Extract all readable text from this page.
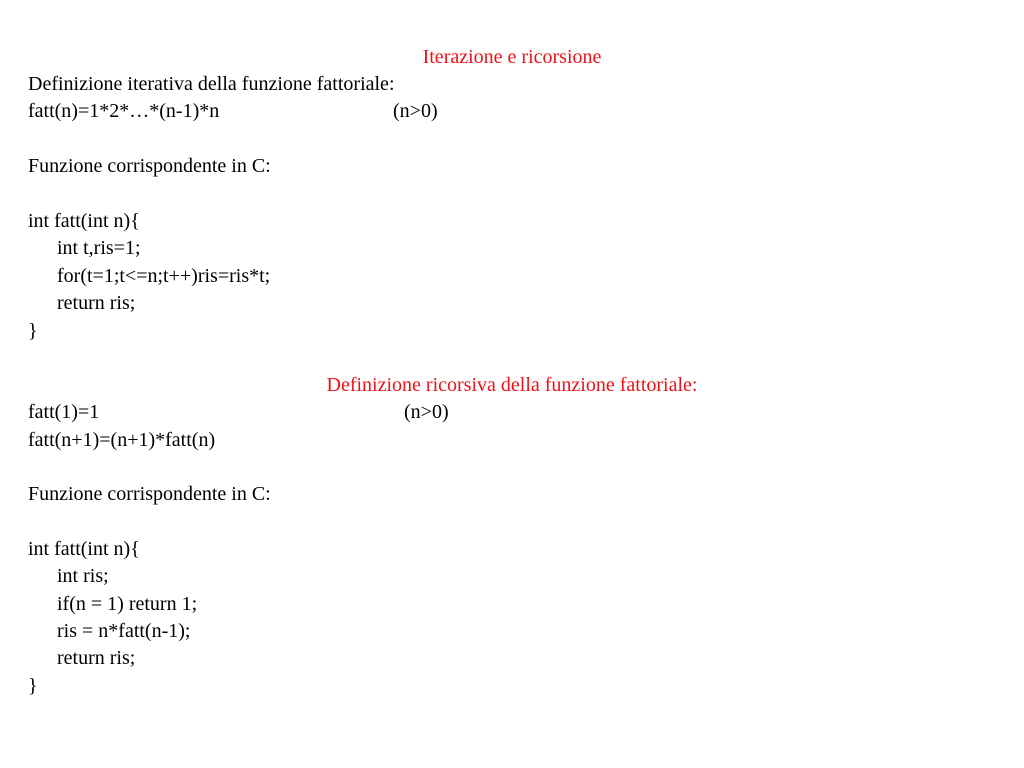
Iterazione e ricorsione
Definizione iterativa della funzione fattoriale:
fatt(n)=1*2*…*(n-1)*n	(n>0)
Funzione corrispondente in C:
int fatt(int n){
int t,ris=1;
for(t=1;t<=n;t++)ris=ris*t;
return ris;
}
Definizione ricorsiva della funzione fattoriale:
fatt(1)=1	(n>0)
fatt(n+1)=(n+1)*fatt(n)
Funzione corrispondente in C:
int fatt(int n){
int ris;
if(n = 1) return 1;
ris = n*fatt(n-1);
return ris;
}
